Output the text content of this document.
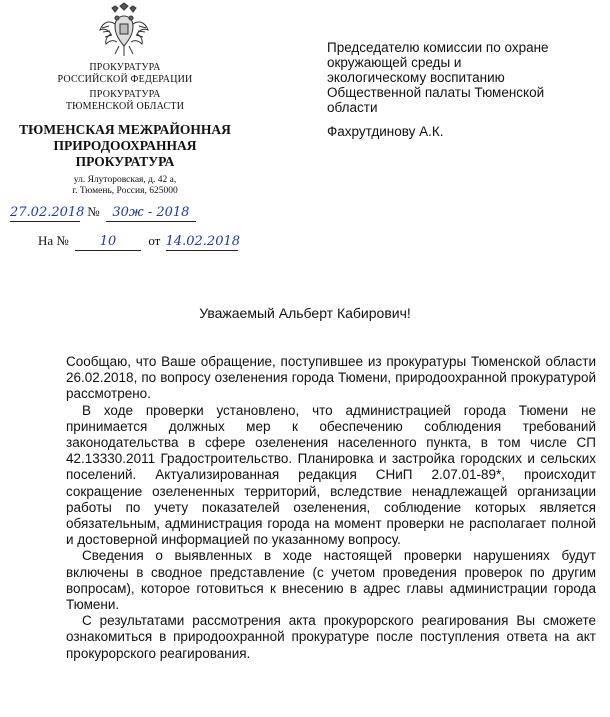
ПРОКУРАТУРА
РОССИЙСКОЙ ФЕДЕРАЦИИ
ПРОКУРАТУРА
ТЮМЕНСКОЙ ОБЛАСТИ
ТЮМЕНСКАЯ МЕЖРАЙОННАЯ
ПРИРОДООХРАННАЯ
ПРОКУРАТУРА
ул. Ялуторовская, д. 42 а,
г. Тюмень, Россия, 625000
27.02.2018 № 30ж - 2018
На № 10 от 14.02.2018
Председателю комиссии по охране
окружающей среды и
экологическому воспитанию
Общественной палаты Тюменской
области
Фахрутдинову А.К.
Уважаемый Альберт Кабирович!

Сообщаю, что Ваше обращение, поступившее из прокуратуры Тюменской области 26.02.2018, по вопросу озеленения города Тюмени, природоохранной прокуратурой рассмотрено.

В ходе проверки установлено, что администрацией города Тюмени не принимается должных мер к обеспечению соблюдения требований законодательства в сфере озеленения населенного пункта, в том числе СП 42.13330.2011 Градостроительство. Планировка и застройка городских и сельских поселений. Актуализированная редакция СНиП 2.07.01-89*, происходит сокращение озелененных территорий, вследствие ненадлежащей организации работы по учету показателей озеленения, соблюдение которых является обязательным, администрация города на момент проверки не располагает полной и достоверной информацией по указанному вопросу.

Сведения о выявленных в ходе настоящей проверки нарушениях будут включены в сводное представление (с учетом проведения проверок по другим вопросам), которое готовиться к внесению в адрес главы администрации города Тюмени.

С результатами рассмотрения акта прокурорского реагирования Вы сможете ознакомиться в природоохранной прокуратуре после поступления ответа на акт прокурорского реагирования.
